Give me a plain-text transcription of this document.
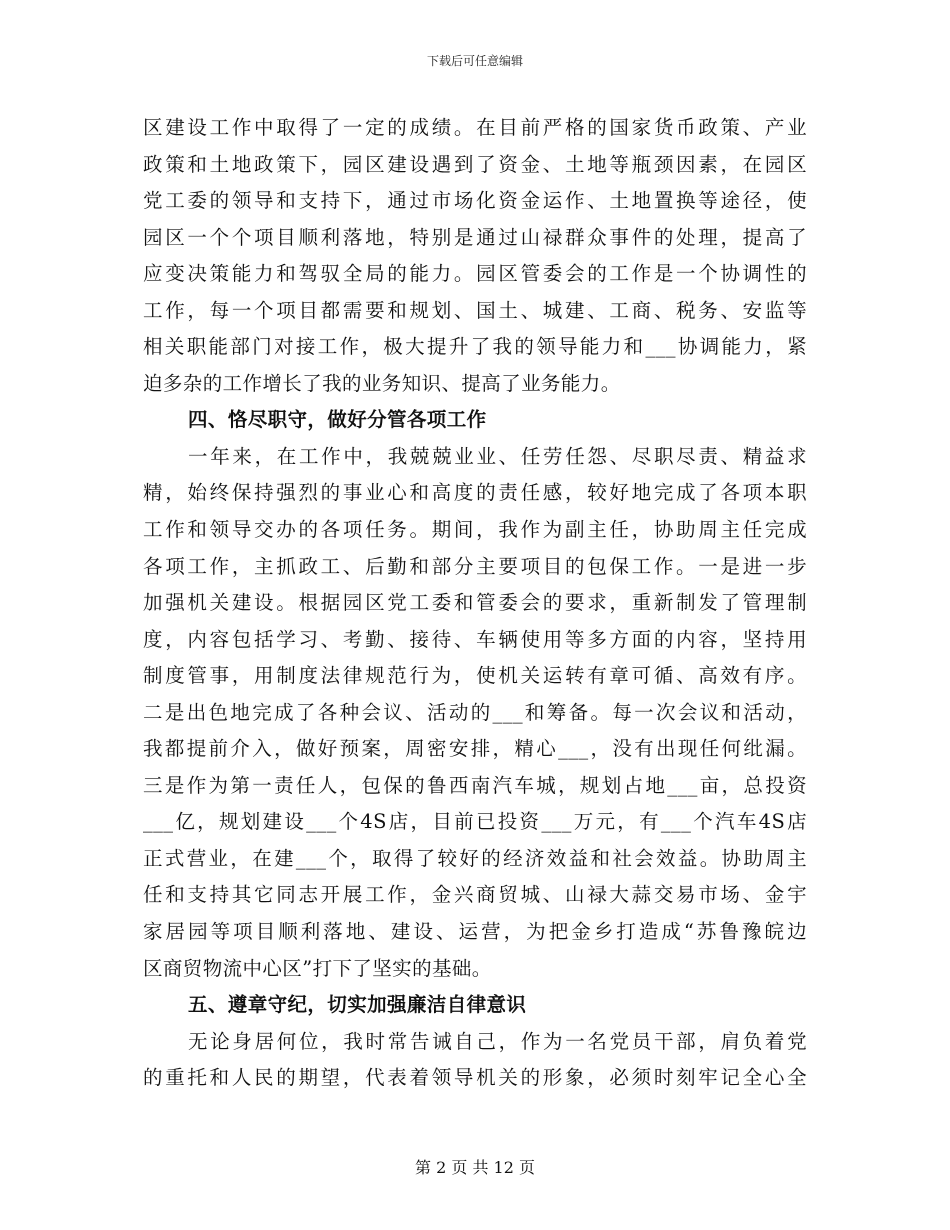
下载后可任意编辑
区建设工作中取得了一定的成绩。在目前严格的国家货币政策、产业
政策和土地政策下，园区建设遇到了资金、土地等瓶颈因素，在园区
党工委的领导和支持下，通过市场化资金运作、土地置换等途径，使
园区一个个项目顺利落地，特别是通过山禄群众事件的处理，提高了
应变决策能力和驾驭全局的能力。园区管委会的工作是一个协调性的
工作，每一个项目都需要和规划、国土、城建、工商、税务、安监等
相关职能部门对接工作，极大提升了我的领导能力和___协调能力，紧
迫多杂的工作增长了我的业务知识、提高了业务能力。
四、恪尽职守，做好分管各项工作
一年来，在工作中，我兢兢业业、任劳任怨、尽职尽责、精益求
精，始终保持强烈的事业心和高度的责任感，较好地完成了各项本职
工作和领导交办的各项任务。期间，我作为副主任，协助周主任完成
各项工作，主抓政工、后勤和部分主要项目的包保工作。一是进一步
加强机关建设。根据园区党工委和管委会的要求，重新制发了管理制
度，内容包括学习、考勤、接待、车辆使用等多方面的内容，坚持用
制度管事，用制度法律规范行为，使机关运转有章可循、高效有序。
二是出色地完成了各种会议、活动的___和筹备。每一次会议和活动，
我都提前介入，做好预案，周密安排，精心___，没有出现任何纰漏。
三是作为第一责任人，包保的鲁西南汽车城，规划占地___亩，总投资
___亿，规划建设___个4S店，目前已投资___万元，有___个汽车4S店
正式营业，在建___个，取得了较好的经济效益和社会效益。协助周主
任和支持其它同志开展工作，金兴商贸城、山禄大蒜交易市场、金宇
家居园等项目顺利落地、建设、运营，为把金乡打造成“苏鲁豫皖边
区商贸物流中心区”打下了坚实的基础。
五、遵章守纪，切实加强廉洁自律意识
无论身居何位，我时常告诫自己，作为一名党员干部，肩负着党
的重托和人民的期望，代表着领导机关的形象，必须时刻牢记全心全
第 2 页 共 12 页
